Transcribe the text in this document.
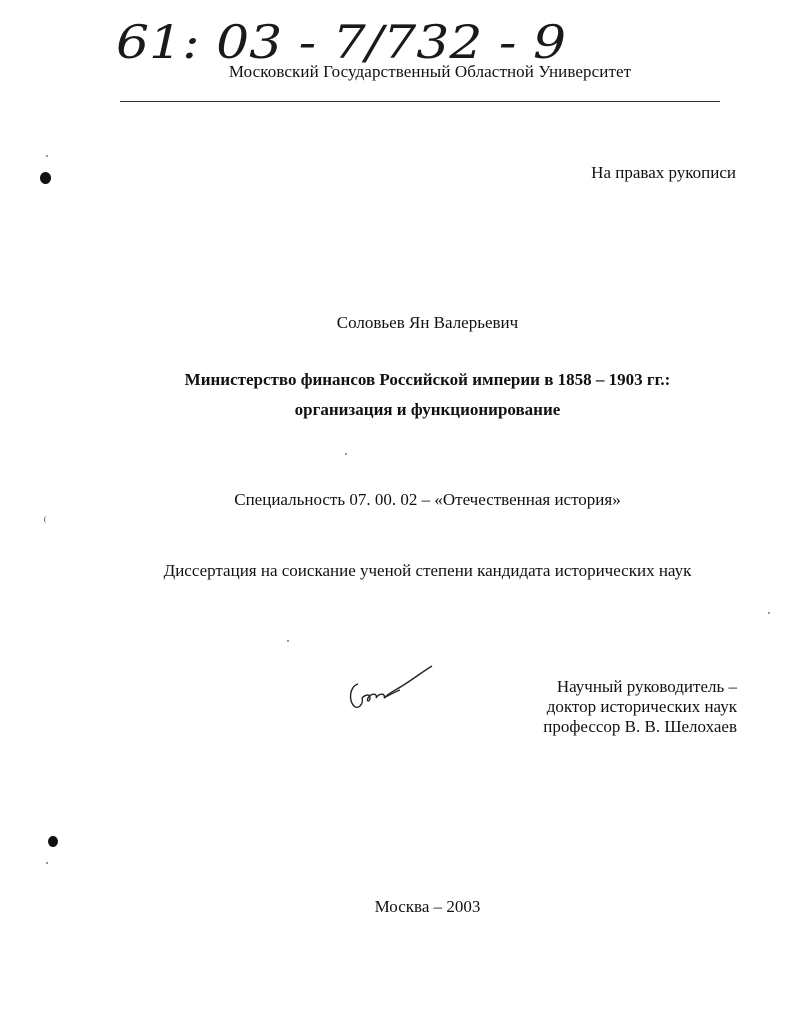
61: 03 - 7/732 - 9
Московский Государственный Областной Университет
На правах рукописи
Соловьев Ян Валерьевич
Министерство финансов Российской империи в 1858 – 1903 гг.:
организация и функционирование
Специальность 07. 00. 02 – «Отечественная история»
Диссертация на соискание ученой степени кандидата исторических наук
Научный руководитель –
доктор исторических наук
профессор В. В. Шелохаев
Москва – 2003
